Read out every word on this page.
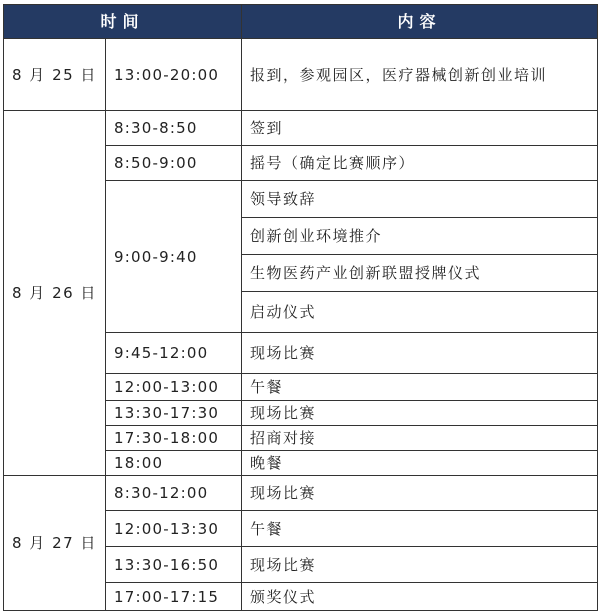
时间		内容
8 月 25 日	13:00-20:00	报到，参观园区，医疗器械创新创业培训
8 月 26 日	8:30-8:50	签到
	8:50-9:00	摇号（确定比赛顺序）
	9:00-9:40	领导致辞
		创新创业环境推介
		生物医药产业创新联盟授牌仪式
		启动仪式
	9:45-12:00	现场比赛
	12:00-13:00	午餐
	13:30-17:30	现场比赛
	17:30-18:00	招商对接
	18:00	晚餐
8 月 27 日	8:30-12:00	现场比赛
	12:00-13:30	午餐
	13:30-16:50	现场比赛
	17:00-17:15	颁奖仪式
